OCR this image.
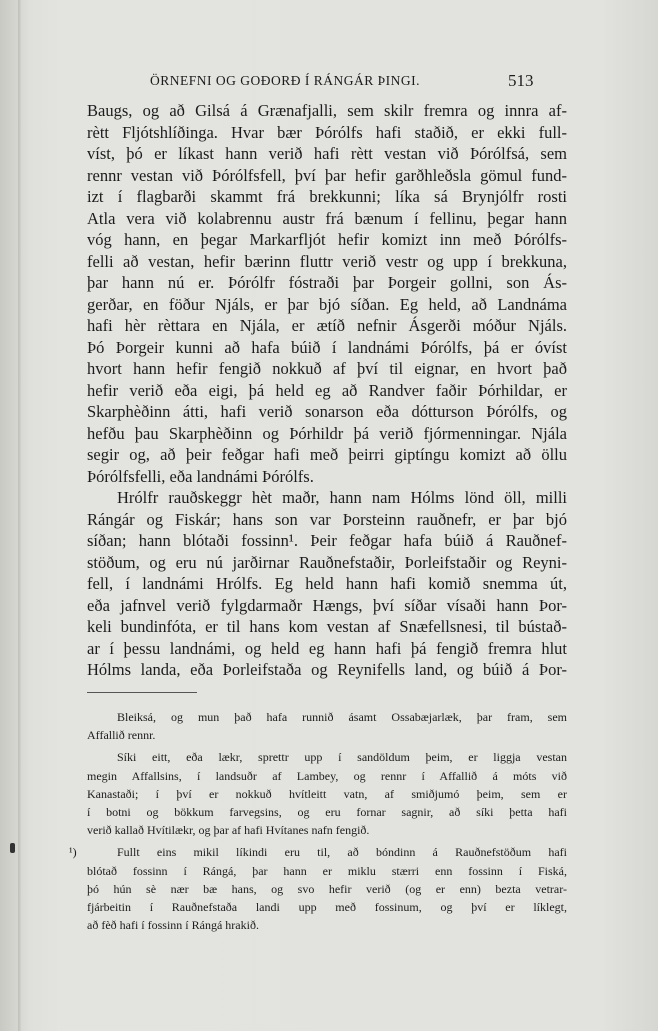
ÖRNEFNI OG GOÐORÐ Í RÁNGÁR ÞINGI.	513
Baugs, og að Gilsá á Grænafjalli, sem skilr fremra og innra af-
rètt Fljótshlíðinga. Hvar bær Þórólfs hafi staðið, er ekki full-
víst, þó er líkast hann verið hafi rètt vestan við Þórólfsá, sem
rennr vestan við Þórólfsfell, því þar hefir garðhleðsla gömul fund-
izt í flagbarði skammt frá brekkunni; líka sá Brynjólfr rosti
Atla vera við kolabrennu austr frá bænum í fellinu, þegar hann
vóg hann, en þegar Markarfljót hefir komizt inn með Þórólfs-
felli að vestan, hefir bærinn fluttr verið vestr og upp í brekkuna,
þar hann nú er. Þórólfr fóstraði þar Þorgeir gollni, son Ás-
gerðar, en föður Njáls, er þar bjó síðan. Eg held, að Landnáma
hafi hèr rèttara en Njála, er ætíð nefnir Ásgerði móður Njáls.
Þó Þorgeir kunni að hafa búið í landnámi Þórólfs, þá er óvíst
hvort hann hefir fengið nokkuð af því til eignar, en hvort það
hefir verið eða eigi, þá held eg að Randver faðir Þórhildar, er
Skarphèðinn átti, hafi verið sonarson eða dótturson Þórólfs, og
hefðu þau Skarphèðinn og Þórhildr þá verið fjórmenningar. Njála
segir og, að þeir feðgar hafi með þeirri giptíngu komizt að öllu
Þórólfsfelli, eða landnámi Þórólfs.
Hrólfr rauðskeggr hèt maðr, hann nam Hólms lönd öll, milli
Rángár og Fiskár; hans son var Þorsteinn rauðnefr, er þar bjó
síðan; hann blótaði fossinn¹. Þeir feðgar hafa búið á Rauðnef-
stöðum, og eru nú jarðirnar Rauðnefstaðir, Þorleifstaðir og Reyni-
fell, í landnámi Hrólfs. Eg held hann hafi komið snemma út,
eða jafnvel verið fylgdarmaðr Hængs, því síðar vísaði hann Þor-
keli bundinfóta, er til hans kom vestan af Snæfellsnesi, til bústað-
ar í þessu landnámi, og held eg hann hafi þá fengið fremra hlut
Hólms landa, eða Þorleifstaða og Reynifells land, og búið á Þor-
Bleiksá, og mun það hafa runnið ásamt Ossabæjarlæk, þar fram, sem
Affallið rennr.
Síki eitt, eða lækr, sprettr upp í sandöldum þeim, er liggja vestan
megin Affallsins, í landsuðr af Lambey, og rennr í Affallið á móts við
Kanastaði; í því er nokkuð hvítleitt vatn, af smiðjumó þeim, sem er
í botni og bökkum farvegsins, og eru fornar sagnir, að síki þetta hafi
verið kallað Hvítilækr, og þar af hafi Hvítanes nafn fengið.
¹)	Fullt eins mikil líkindi eru til, að bóndinn á Rauðnefstöðum hafi
blótað fossinn í Rángá, þar hann er miklu stærri enn fossinn í Fiská,
þó hún sè nær bæ hans, og svo hefir verið (og er enn) bezta vetrar-
fjárbeitin í Rauðnefstaða landi upp með fossinum, og því er líklegt,
að fèð hafi í fossinn í Rángá hrakið.
